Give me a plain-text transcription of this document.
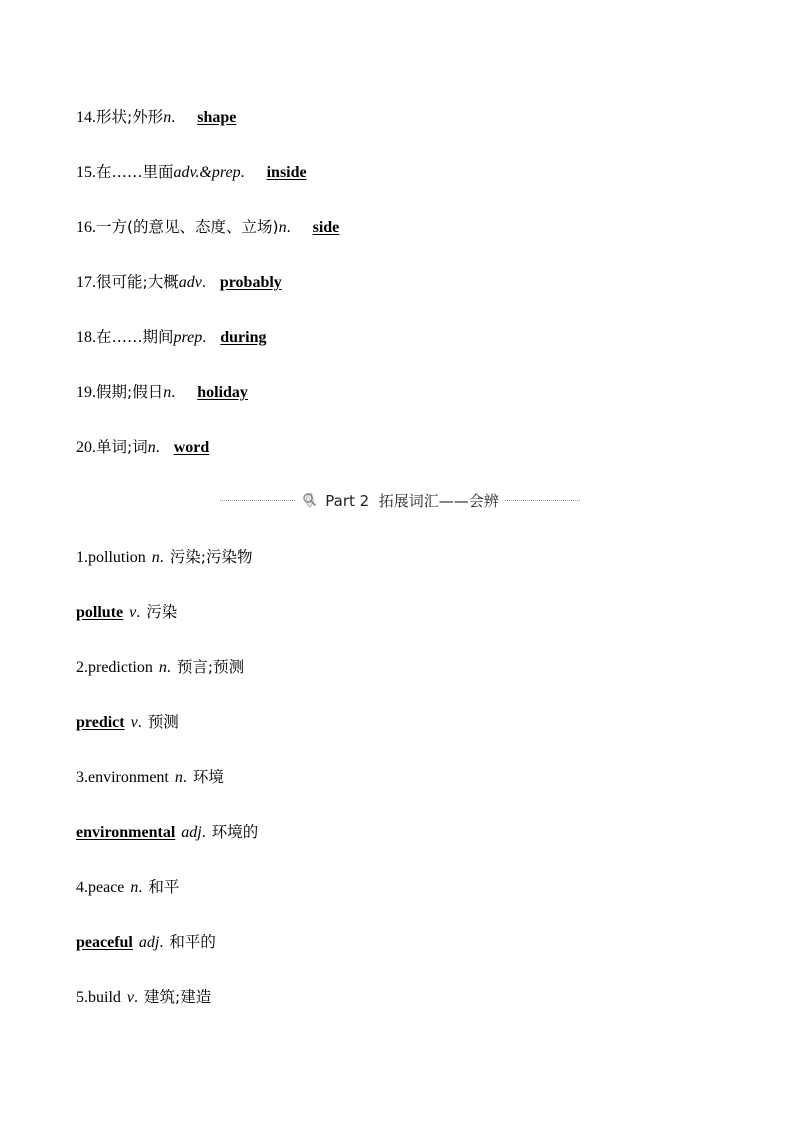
14.形状;外形n. shape
15.在……里面adv.&prep. inside
16.一方(的意见、态度、立场)n. side
17.很可能;大概adv. probably
18.在……期间prep. during
19.假期;假日n. holiday
20.单词;词n. word
Part 2  拓展词汇——会辨
1.pollution n. 污染;污染物
pollute v. 污染
2.prediction n. 预言;预测
predict v. 预测
3.environment n. 环境
environmental adj. 环境的
4.peace n. 和平
peaceful adj. 和平的
5.build v. 建筑;建造
